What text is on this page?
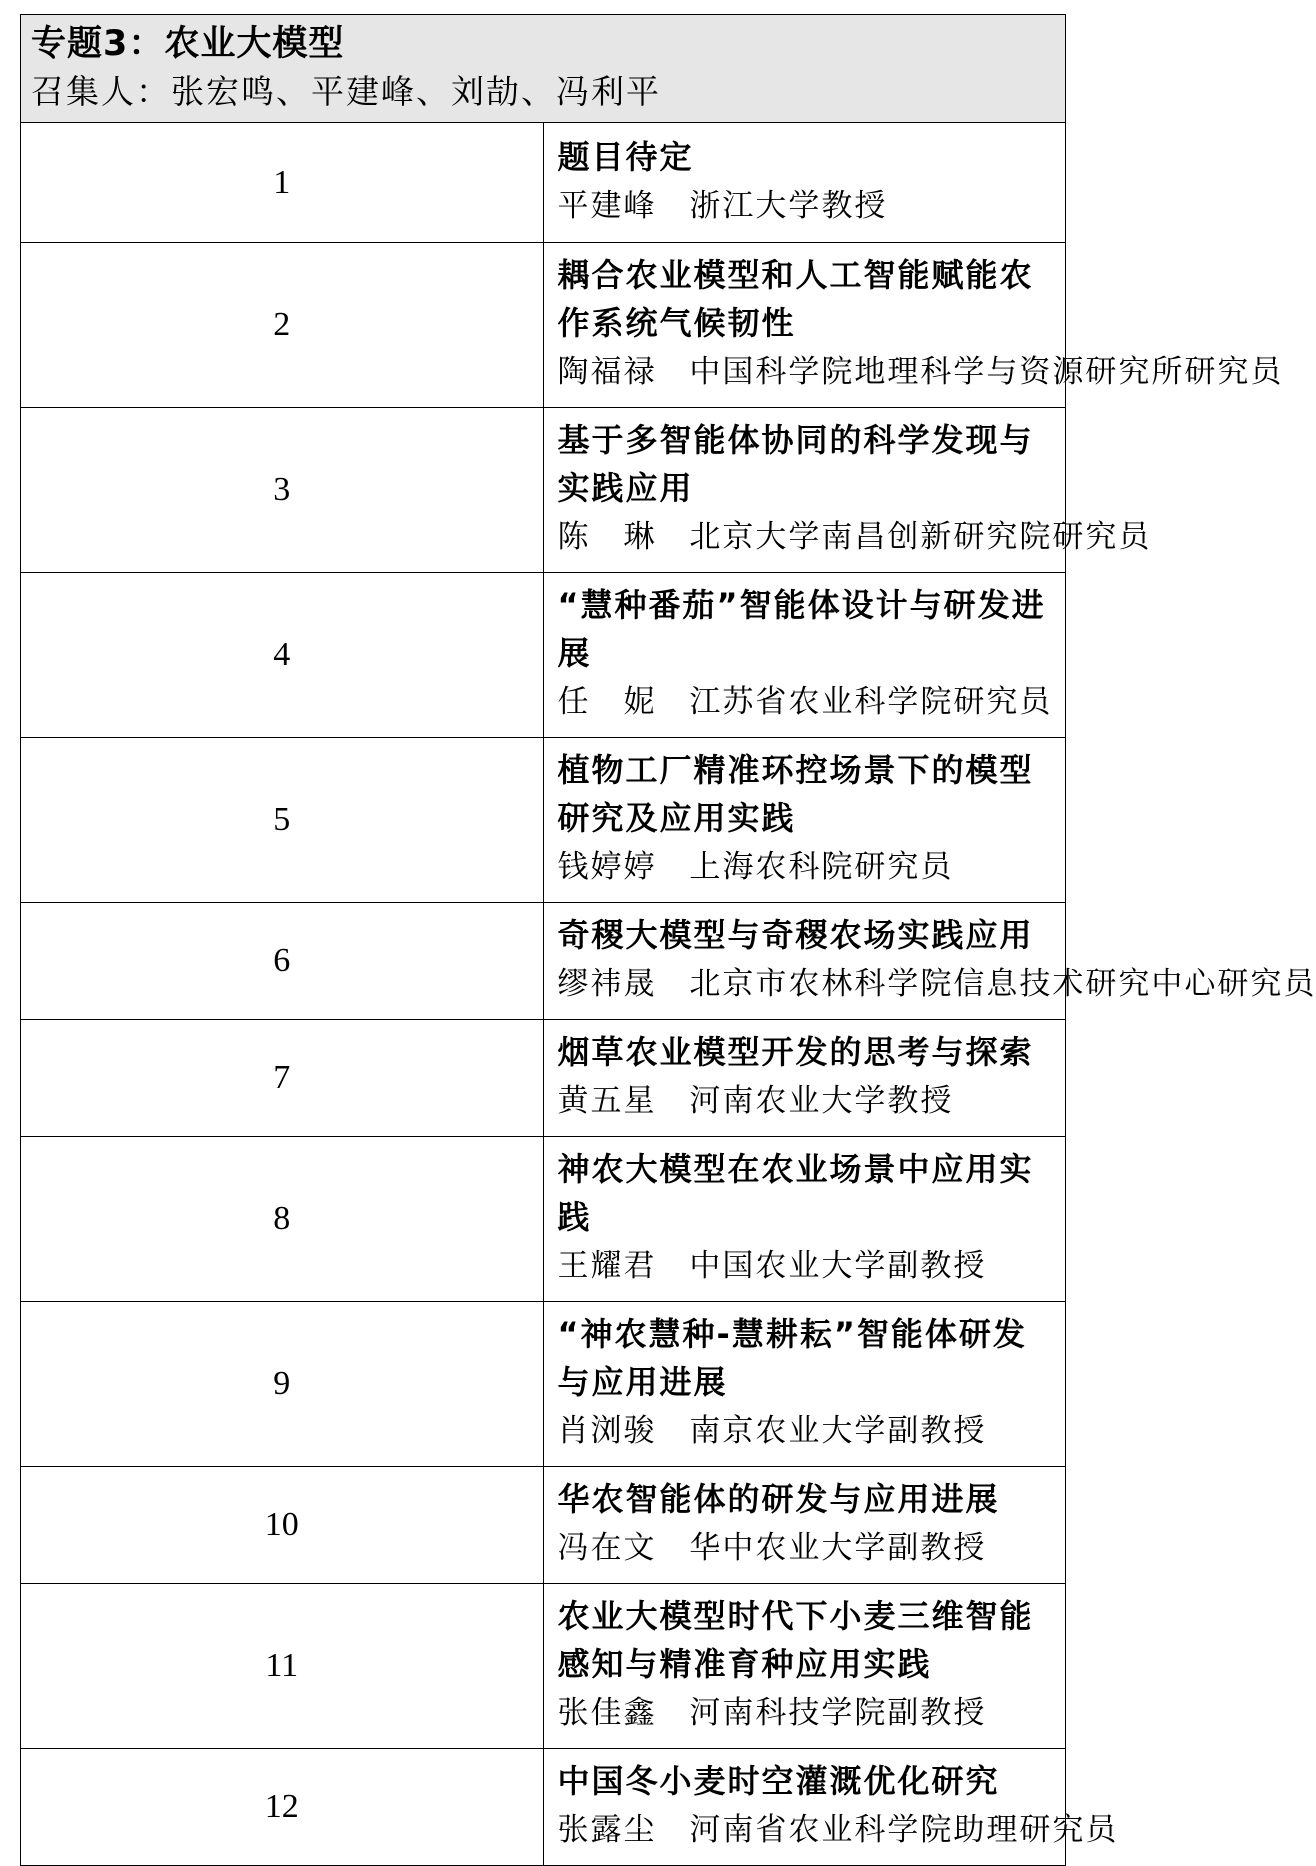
专题3：农业大模型
召集人：张宏鸣、平建峰、刘劼、冯利平	

1	题目待定
平建峰 浙江大学教授

2	耦合农业模型和人工智能赋能农作系统气候韧性
陶福禄 中国科学院地理科学与资源研究所研究员

3	基于多智能体协同的科学发现与实践应用
陈　琳 北京大学南昌创新研究院研究员

4	“慧种番茄”智能体设计与研发进展
任　妮 江苏省农业科学院研究员

5	植物工厂精准环控场景下的模型研究及应用实践
钱婷婷 上海农科院研究员

6	奇稷大模型与奇稷农场实践应用
缪祎晟 北京市农林科学院信息技术研究中心研究员

7	烟草农业模型开发的思考与探索
黄五星 河南农业大学教授

8	神农大模型在农业场景中应用实践
王耀君 中国农业大学副教授

9	“神农慧种-慧耕耘”智能体研发与应用进展
肖浏骏 南京农业大学副教授

10	华农智能体的研发与应用进展
冯在文 华中农业大学副教授

11	农业大模型时代下小麦三维智能感知与精准育种应用实践
张佳鑫 河南科技学院副教授

12	中国冬小麦时空灌溉优化研究
张露尘 河南省农业科学院助理研究员
